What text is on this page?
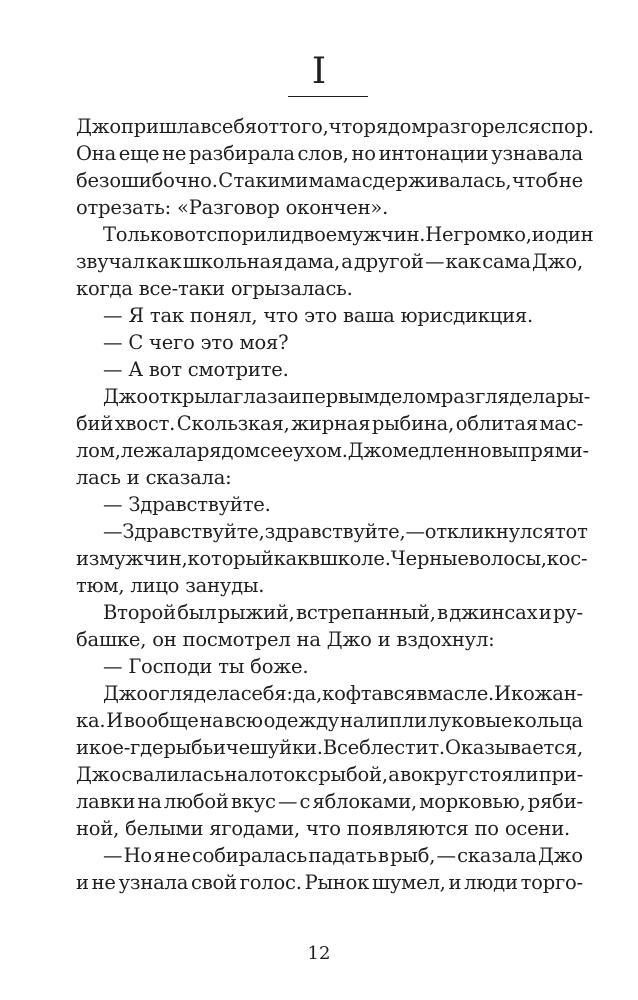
I
Джо пришла в себя оттого, что рядом разгорелся спор.
Она еще не разбирала слов, но интонации узнавала
безошибочно. С такими мама сдерживалась, чтоб не
отрезать: «Разговор окончен».
Только вот спорили двое мужчин. Негромко, и один
звучал как школьная дама, а другой — как сама Джо,
когда все-таки огрызалась.
— Я так понял, что это ваша юрисдикция.
— С чего это моя?
— А вот смотрите.
Джо открыла глаза и первым делом разглядела ры-
бий хвост. Скользкая, жирная рыбина, облитая мас-
лом, лежала рядом с ее ухом. Джо медленно выпрями-
лась и сказала:
— Здравствуйте.
— Здравствуйте, здравствуйте, — откликнулся тот
из мужчин, который как в школе. Черные волосы, кос-
тюм, лицо зануды.
Второй был рыжий, встрепанный, в джинсах и ру-
башке, он посмотрел на Джо и вздохнул:
— Господи ты боже.
Джо оглядела себя: да, кофта вся в масле. И кожан-
ка. И вообще на всю одежду налипли луковые кольца
и кое-где рыбьи чешуйки. Все блестит. Оказывается,
Джо свалилась на лоток с рыбой, а вокруг стояли при-
лавки на любой вкус — с яблоками, морковью, ряби-
ной, белыми ягодами, что появляются по осени.
— Но я не собиралась падать в рыб, — сказала Джо
и не узнала свой голос. Рынок шумел, и люди торго-
12
